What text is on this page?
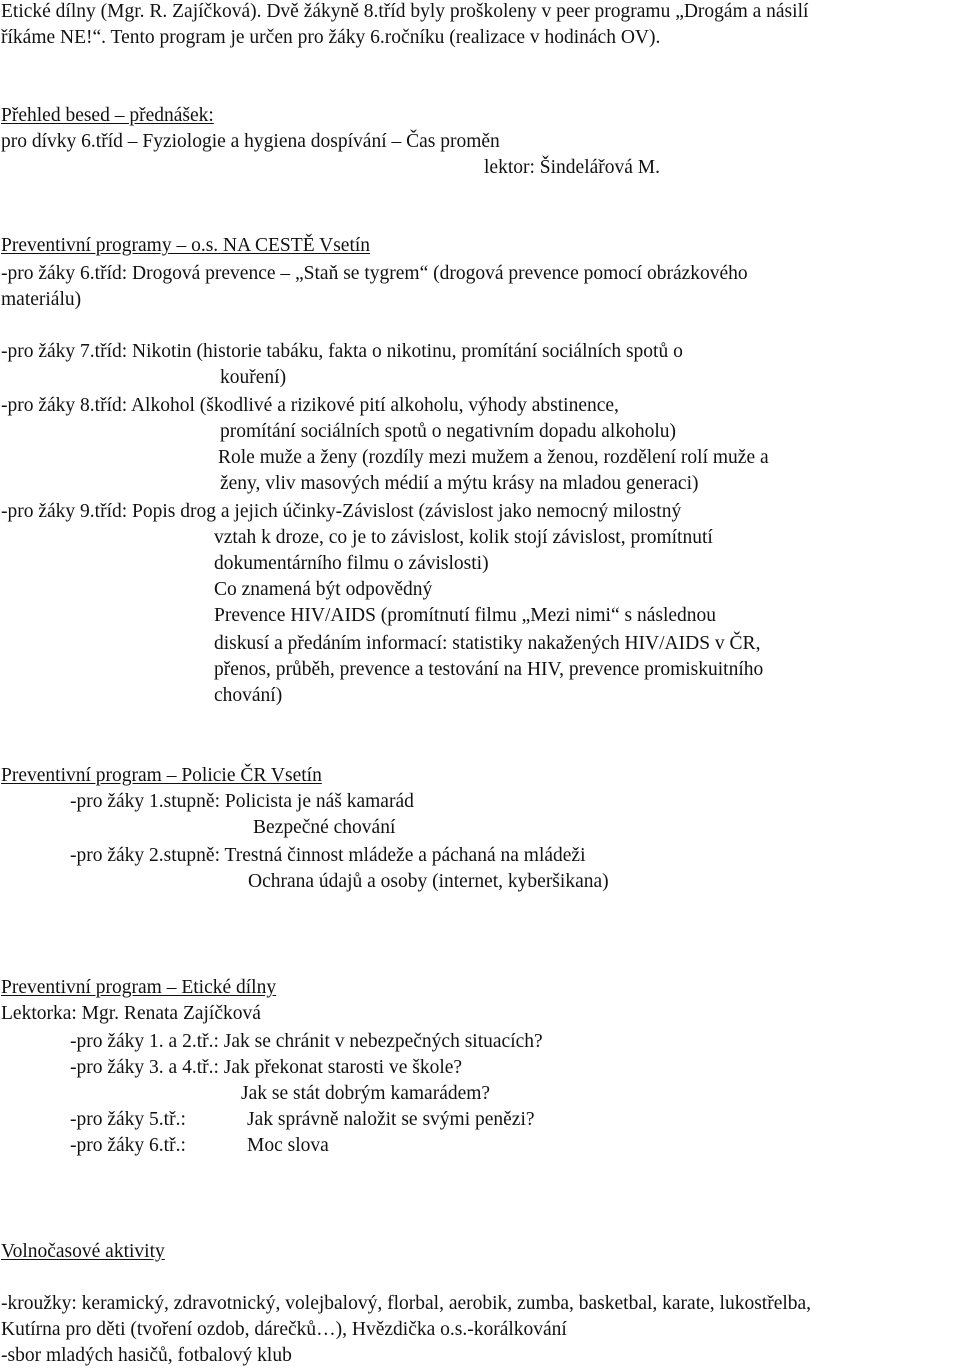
Etické dílny (Mgr. R. Zajíčková). Dvě žákyně 8.tříd byly proškoleny v peer programu „Drogám a násilí
říkáme NE!“. Tento program je určen pro žáky 6.ročníku (realizace v hodinách OV).
Přehled besed – přednášek:
pro dívky 6.tříd – Fyziologie a hygiena dospívání – Čas proměn
lektor: Šindelářová M.
Preventivní programy – o.s. NA CESTĚ Vsetín
-pro žáky 6.tříd: Drogová prevence – „Staň se tygrem“ (drogová prevence pomocí obrázkového
materiálu)
-pro žáky 7.tříd: Nikotin (historie tabáku, fakta o nikotinu, promítání sociálních spotů o
kouření)
-pro žáky 8.tříd: Alkohol (škodlivé a rizikové pití alkoholu, výhody abstinence,
promítání sociálních spotů o negativním dopadu alkoholu)
Role muže a ženy (rozdíly mezi mužem a ženou, rozdělení rolí muže a
ženy, vliv masových médií a mýtu krásy na mladou generaci)
-pro žáky 9.tříd: Popis drog a jejich účinky-Závislost (závislost jako nemocný milostný
vztah k droze, co je to závislost, kolik stojí závislost, promítnutí
dokumentárního filmu o závislosti)
Co znamená být odpovědný
Prevence HIV/AIDS (promítnutí filmu „Mezi nimi“ s následnou
diskusí a předáním informací: statistiky nakažených HIV/AIDS v ČR,
přenos, průběh, prevence a testování na HIV, prevence promiskuitního
chování)
Preventivní program – Policie ČR Vsetín
-pro žáky 1.stupně: Policista je náš kamarád
Bezpečné chování
-pro žáky 2.stupně: Trestná činnost mládeže a páchaná na mládeži
Ochrana údajů a osoby (internet, kyberšikana)
Preventivní program – Etické dílny
Lektorka: Mgr. Renata Zajíčková
-pro žáky 1. a 2.tř.: Jak se chránit v nebezpečných situacích?
-pro žáky 3. a 4.tř.: Jak překonat starosti ve škole?
Jak se stát dobrým kamarádem?
-pro žáky 5.tř.:	Jak správně naložit se svými penězi?
-pro žáky 6.tř.:	Moc slova
Volnočasové aktivity
-kroužky: keramický, zdravotnický, volejbalový, florbal, aerobik, zumba, basketbal, karate, lukostřelba,
Kutírna pro děti (tvoření ozdob, dárečků…), Hvězdička o.s.-korálkování
-sbor mladých hasičů, fotbalový klub
